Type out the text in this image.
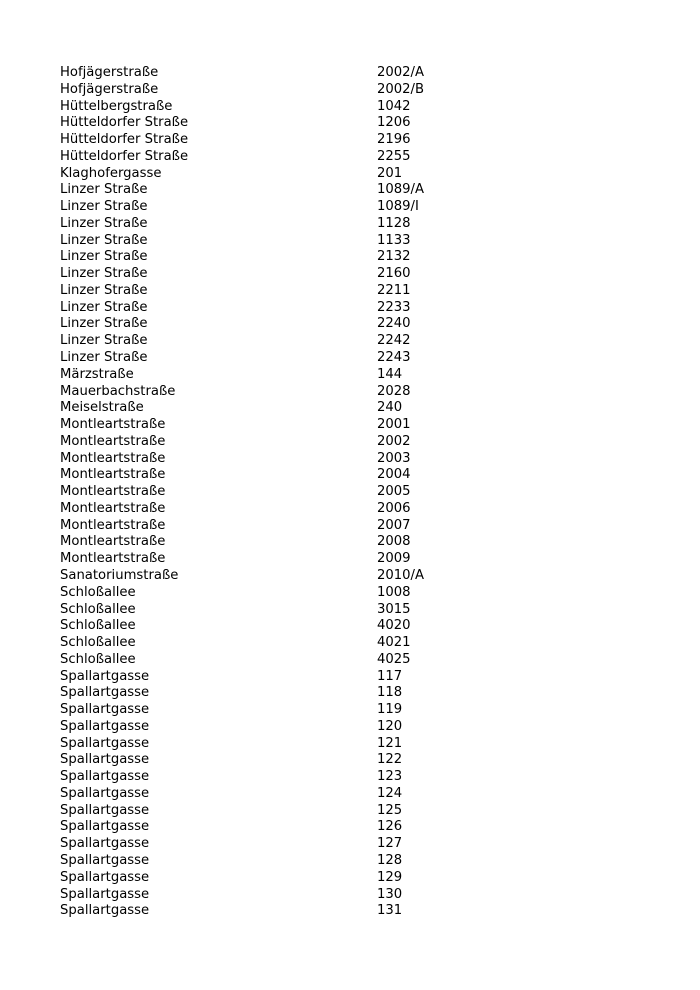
Hofjägerstraße	2002/A
Hofjägerstraße	2002/B
Hüttelbergstraße	1042
Hütteldorfer Straße	1206
Hütteldorfer Straße	2196
Hütteldorfer Straße	2255
Klaghofergasse	201
Linzer Straße	1089/A
Linzer Straße	1089/I
Linzer Straße	1128
Linzer Straße	1133
Linzer Straße	2132
Linzer Straße	2160
Linzer Straße	2211
Linzer Straße	2233
Linzer Straße	2240
Linzer Straße	2242
Linzer Straße	2243
Märzstraße	144
Mauerbachstraße	2028
Meiselstraße	240
Montleartstraße	2001
Montleartstraße	2002
Montleartstraße	2003
Montleartstraße	2004
Montleartstraße	2005
Montleartstraße	2006
Montleartstraße	2007
Montleartstraße	2008
Montleartstraße	2009
Sanatoriumstraße	2010/A
Schloßallee	1008
Schloßallee	3015
Schloßallee	4020
Schloßallee	4021
Schloßallee	4025
Spallartgasse	117
Spallartgasse	118
Spallartgasse	119
Spallartgasse	120
Spallartgasse	121
Spallartgasse	122
Spallartgasse	123
Spallartgasse	124
Spallartgasse	125
Spallartgasse	126
Spallartgasse	127
Spallartgasse	128
Spallartgasse	129
Spallartgasse	130
Spallartgasse	131
